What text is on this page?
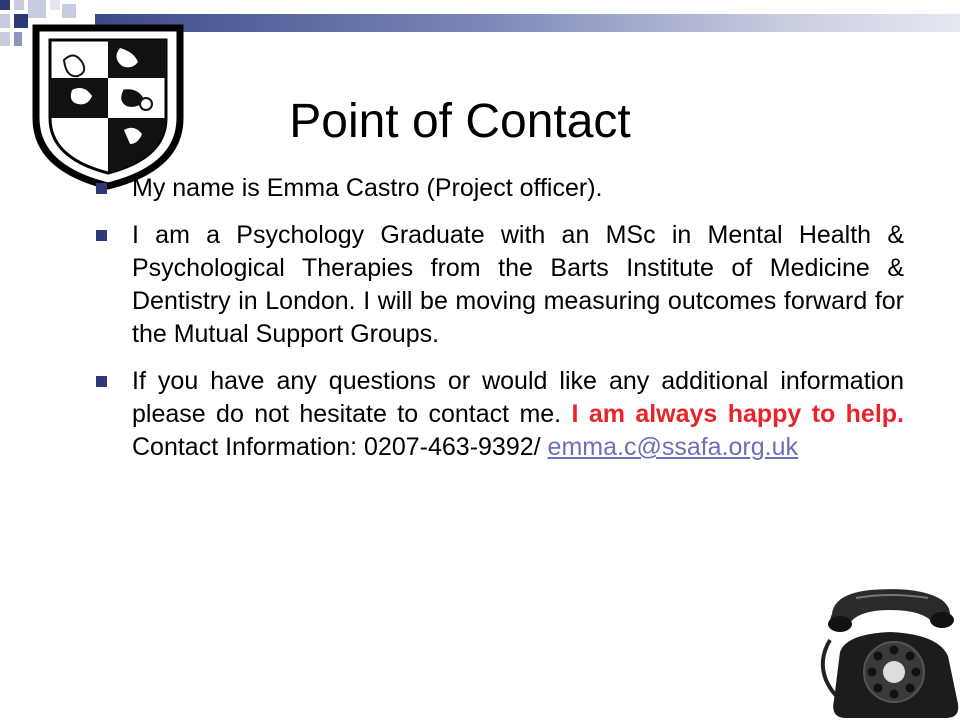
Point of Contact
My name is Emma Castro (Project officer).
I am a Psychology Graduate with an MSc in Mental Health & Psychological Therapies from the Barts Institute of Medicine & Dentistry in London. I will be moving measuring outcomes forward for the Mutual Support Groups.
If you have any questions or would like any additional information please do not hesitate to contact me. I am always happy to help. Contact Information: 0207-463-9392/ emma.c@ssafa.org.uk
